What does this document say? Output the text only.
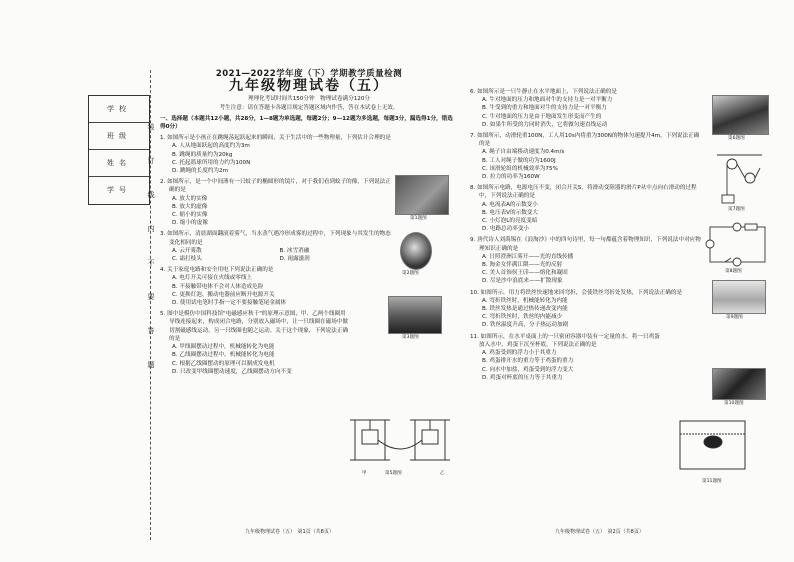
学校
班级
姓名
学号
装
订
线
内
不
要
答
题
2021—2022学年度（下）学期教学质量检测
九年级物理试卷（五）
理理化考试时间共150分钟　物理试卷满分120分
考生注意：请在答题卡各题目规定答题区域内作答，答在本试卷上无效。
一、选择题（本题共12小题，共28分，1—8题为单选题，每题2分；9—12题为多选题，每题3分，漏选得1分，错选得0分）
1. 如图所示是小孩正在跳绳荡起跃起来的瞬间，关于生活中的一些物理量，下列估计合理的是
A. 人从地面跃起的高度约为3m
B. 跳绳的质量约为20kg
C. 托起篮球所用的力约为100N
D. 跳绳的长度约为2m
2. 如图所示，是一个中间薄有一只蚊子的椭圆形的镜片，对于我们看到蚊子的像，下列说法正确的是
A. 放大的实像
B. 放大的虚像
C. 缩小的实像
D. 缩小的虚像
3. 如图所示，清晨湖面翻滚着雾气，当水蒸气遇冷形成雾的过程中，下列现象与其发生的物态变化相同的是
A. 云开雾散	B. 冰雪消融
C. 霜打枝头	D. 雨露滋润
4. 关于家庭电路和安全用电下列说法正确的是
A. 电灯开关可接在火线或零线上
B. 不接触带电体不会对人体造成危险
C. 更换灯泡、搬动电器前应断开电源开关
D. 使用试电笔时手指一定不要接触笔尾金属体
5. 图中是模仿中国科技馆"电磁感应秋千"的原理示意图，甲、乙两个线圈用导线连接起来，构成闭合电路，分别放入磁场中，让一只线圈在磁场中做切割磁感线运动，另一只线圈也随之运动。关于这个现象，下列说法正确的是
A. 甲线圈摆动过程中，机械能转化为电能
B. 乙线圈摆动过程中，机械能转化为电能
C. 根据乙线圈摆动的原理可以制成发电机
D. 只改变甲线圈摆动速度，乙线圈摆动方向不变
第1题图
第2题图
第3题图
甲	第5题图	乙
九年级物理试卷（五）　第1页（共8页）
6. 如图所示是一只牛静止在水平地面上，下列说法正确的是
A. 牛对地面的压力和地面对牛的支持力是一对平衡力
B. 牛受到的重力和地面对牛的支持力是一对平衡力
C. 牛对地面的压力是由于地面发生形变而产生的
D. 如果牛所受的力同时消失，它将做匀速直线运动
7. 如图所示，动滑轮重100N，工人用10s内将重为300N的物体匀速提升4m，下列说法正确的是
A. 绳子自由端移动速度为0.4m/s
B. 工人对绳子做的功为1600J
C. 该滑轮组的机械效率为75%
D. 拉力的功率为160W
8. 如图所示电路，电源电压不变，闭合开关S，将滑动变阻器的滑片P从中点向右滑动的过程中，下列说法正确的是
A. 电流表A的示数变小
B. 电压表V的示数变大
C. 小灯泡L的亮度变暗
D. 电路总功率变小
9. 唐代诗人刘禹锡在《浪淘沙》中的四句诗里，每一句都蕴含着物理知识，下列说法中对应物理知识正确的是
A. 日照澄洲江雾开——光的直线传播
B. 淘金女伴满江隈——光的反射
C. 美人首饰侯王印——熔化和凝固
D. 尽是沙中浪底来——扩散现象
10. 如图所示，用力将铁丝快速地来回弯折，会使铁丝弯折处发热，下列说法正确的是
A. 弯折铁丝时，机械能转化为内能
B. 铁丝发热是通过热传递改变内能
C. 弯折铁丝时，铁丝的内能减少
D. 铁丝温度升高，分子热运动加剧
11. 如图所示，在水平桌面上的一只密闭容器中装有一定量的水，将一只鸡蛋放入水中，鸡蛋下沉至杯底，下列说法正确的是
A. 鸡蛋受到的浮力小于其重力
B. 鸡蛋排开水的重力等于鸡蛋的重力
C. 向水中加盐，鸡蛋受到的浮力变大
D. 鸡蛋对杯底的压力等于其重力
第6题图
第7题图
第8题图
第9题图
第10题图
第11题图
九年级物理试卷（五）　第2页（共8页）
